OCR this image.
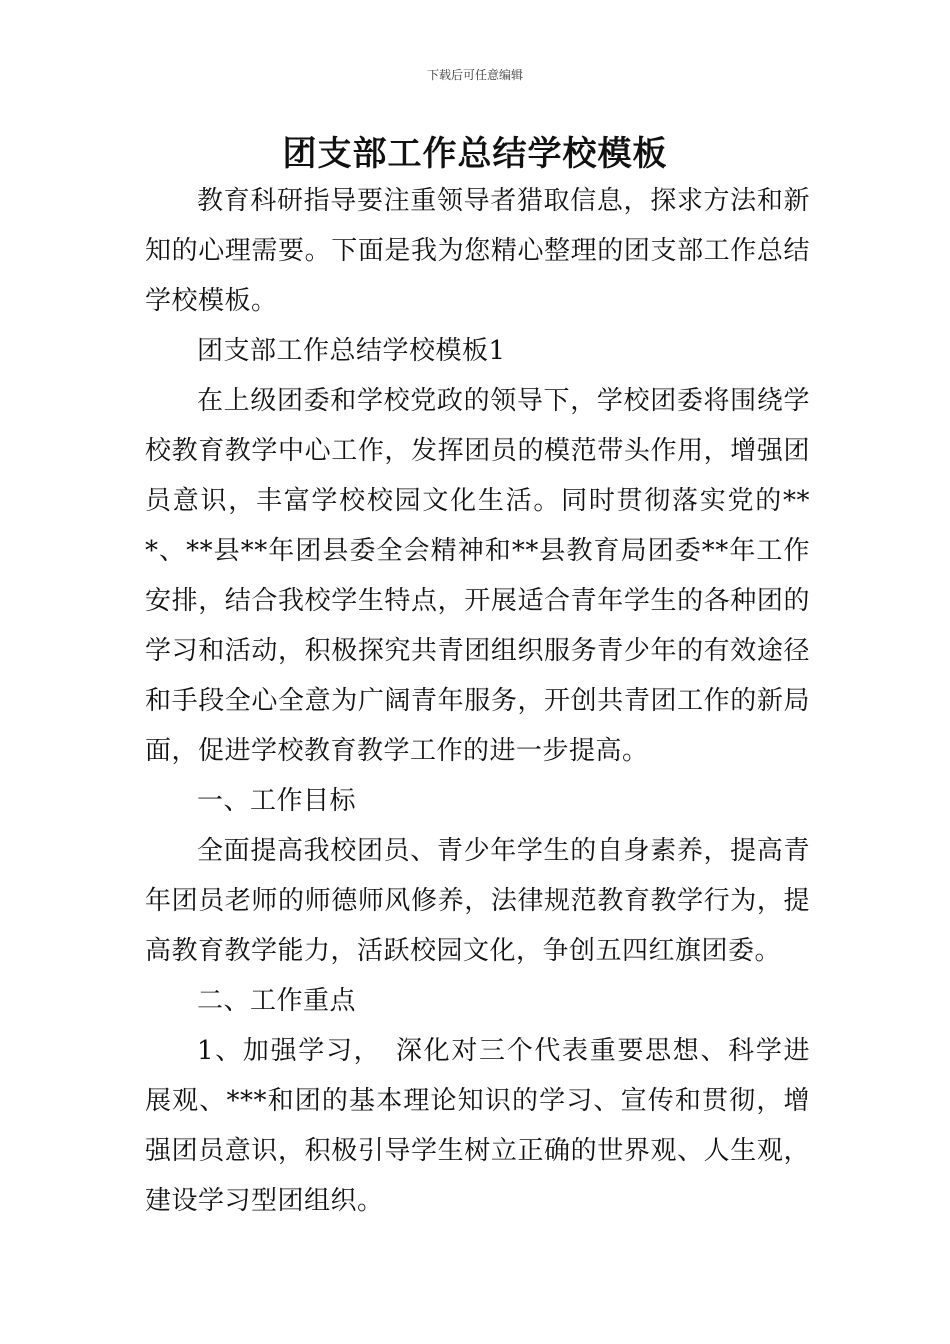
下载后可任意编辑
团支部工作总结学校模板

教育科研指导要注重领导者猎取信息，探求方法和新知的心理需要。下面是我为您精心整理的团支部工作总结学校模板。

团支部工作总结学校模板1

在上级团委和学校党政的领导下，学校团委将围绕学校教育教学中心工作，发挥团员的模范带头作用，增强团员意识，丰富学校校园文化生活。同时贯彻落实党的***、**县**年团县委全会精神和**县教育局团委**年工作安排，结合我校学生特点，开展适合青年学生的各种团的学习和活动，积极探究共青团组织服务青少年的有效途径和手段全心全意为广阔青年服务，开创共青团工作的新局面，促进学校教育教学工作的进一步提高。

一、工作目标

全面提高我校团员、青少年学生的自身素养，提高青年团员老师的师德师风修养，法律规范教育教学行为，提高教育教学能力，活跃校园文化，争创五四红旗团委。

二、工作重点

1、加强学习，　深化对三个代表重要思想、科学进展观、***和团的基本理论知识的学习、宣传和贯彻，增强团员意识，积极引导学生树立正确的世界观、人生观，建设学习型团组织。
